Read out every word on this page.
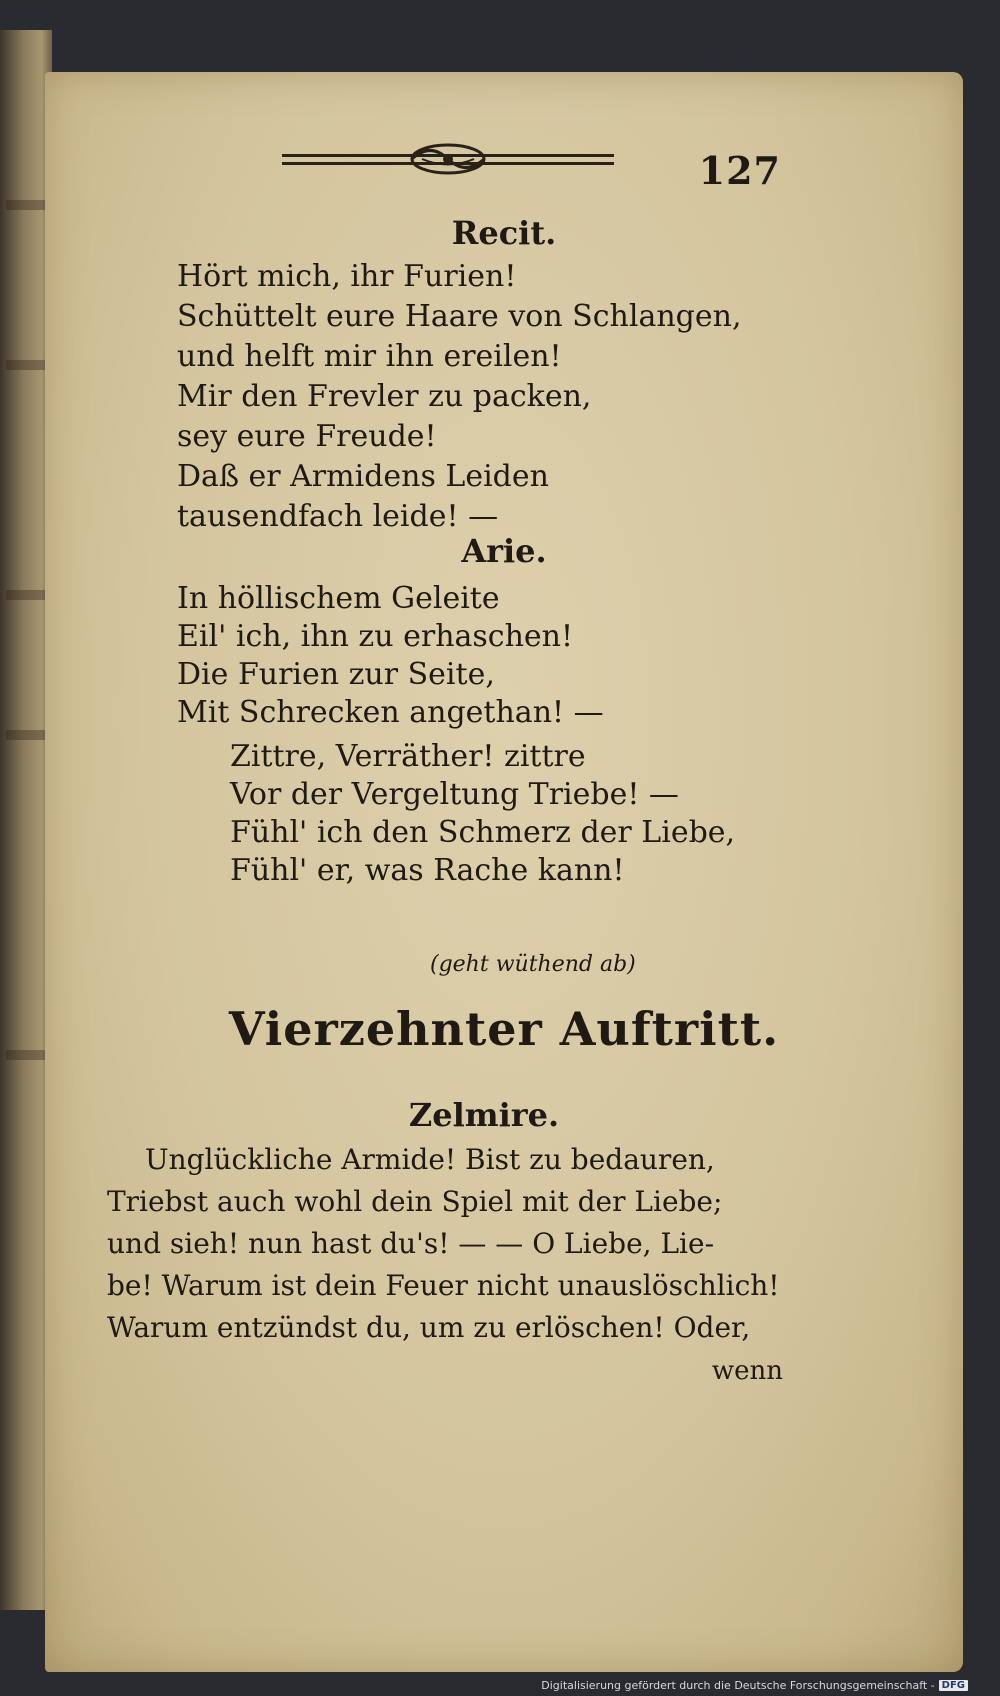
127
Recit.
Hört mich, ihr Furien!
Schüttelt eure Haare von Schlangen,
und helft mir ihn ereilen!
Mir den Frevler zu packen,
sey eure Freude!
Daß er Armidens Leiden
tausendfach leide! —
Arie.
In höllischem Geleite
Eil' ich, ihn zu erhaschen!
Die Furien zur Seite,
Mit Schrecken angethan! —
Zittre, Verräther! zittre
Vor der Vergeltung Triebe! —
Fühl' ich den Schmerz der Liebe,
Fühl' er, was Rache kann!
(geht wüthend ab)
Vierzehnter Auftritt.
Zelmire.
Unglückliche Armide! Bist zu bedauren,
Triebst auch wohl dein Spiel mit der Liebe;
und sieh! nun hast du's! — — O Liebe, Lie-
be! Warum ist dein Feuer nicht unauslöschlich!
Warum entzündst du, um zu erlöschen! Oder,
wenn
Digitalisierung gefördert durch die Deutsche Forschungsgemeinschaft - DFG
